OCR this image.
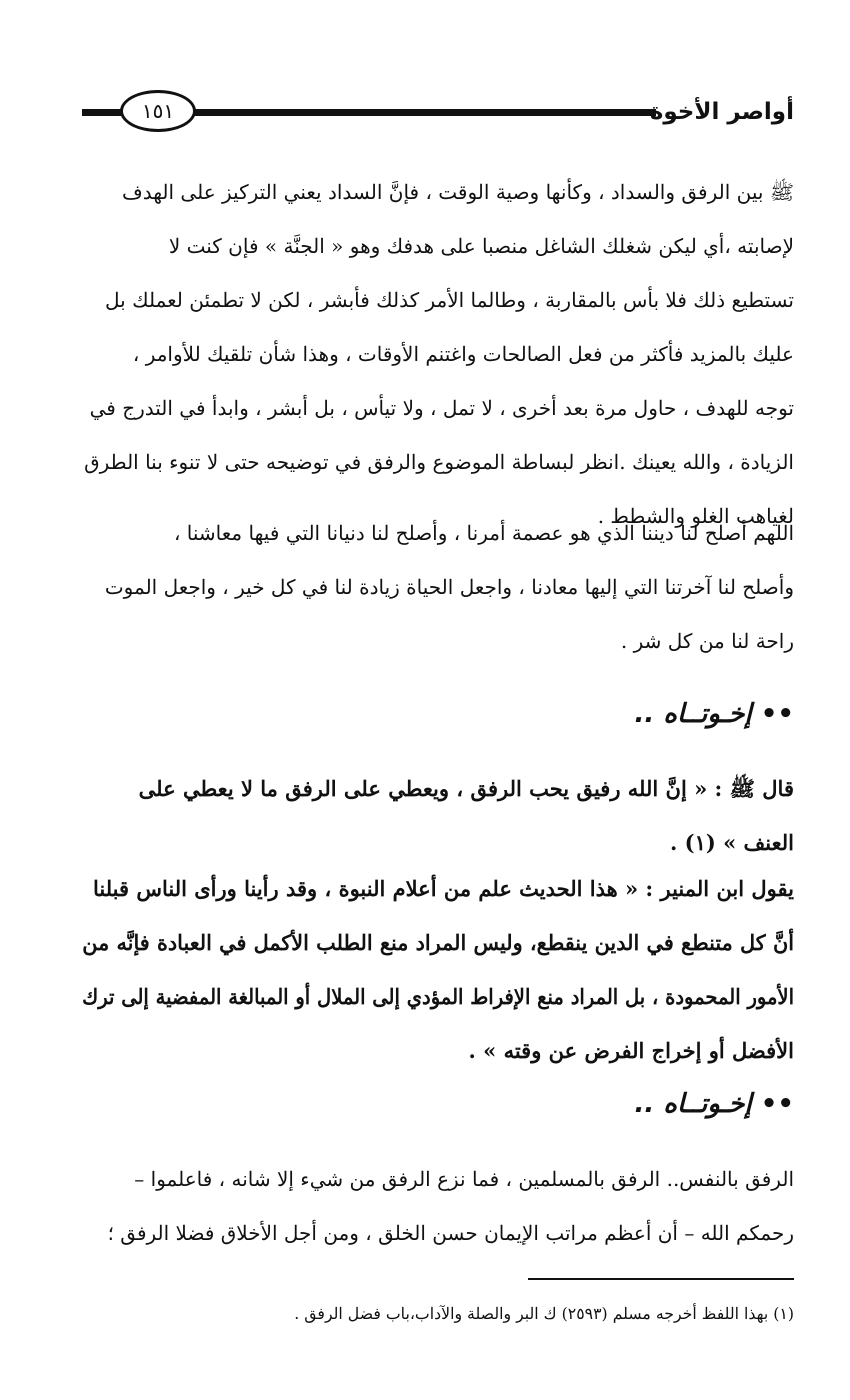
١٥١	أواصر الأخوة
ﷺ بين الرفق والسداد ، وكأنها وصية الوقت ، فإنَّ السداد يعني التركيز على الهدف
لإصابته ،أي ليكن شغلك الشاغل منصبا على هدفك وهو « الجنَّة » فإن كنت لا
تستطيع ذلك فلا بأس بالمقاربة ، وطالما الأمر كذلك فأبشر ، لكن لا تطمئن لعملك بل
عليك بالمزيد فأكثر من فعل الصالحات واغتنم الأوقات ، وهذا شأن تلقيك للأوامر ،
توجه للهدف ، حاول مرة بعد أخرى ، لا تمل ، ولا تيأس ، بل أبشر ، وابدأ في التدرج في
الزيادة ، والله يعينك .انظر لبساطة الموضوع والرفق في توضيحه حتى لا تنوء بنا الطرق
لغياهب الغلو والشطط .
اللهم أصلح لنا ديننا الذي هو عصمة أمرنا ، وأصلح لنا دنيانا التي فيها معاشنا ،
وأصلح لنا آخرتنا التي إليها معادنا ، واجعل الحياة زيادة لنا في كل خير ، واجعل الموت
راحة لنا من كل شر .
•• إخـوتــاه ..
قال ﷺ : « إنَّ الله رفيق يحب الرفق ، ويعطي على الرفق ما لا يعطي على
العنف » (١) .
يقول ابن المنير : « هذا الحديث علم من أعلام النبوة ، وقد رأينا ورأى الناس قبلنا
أنَّ كل متنطع في الدين ينقطع، وليس المراد منع الطلب الأكمل في العبادة فإنَّه من
الأمور المحمودة ، بل المراد منع الإفراط المؤدي إلى الملال أو المبالغة المفضية إلى ترك
الأفضل أو إخراج الفرض عن وقته » .
•• إخـوتــاه ..
الرفق بالنفس.. الرفق بالمسلمين ، فما نزع الرفق من شيء إلا شانه ، فاعلموا –
رحمكم الله – أن أعظم مراتب الإيمان حسن الخلق ، ومن أجل الأخلاق فضلا الرفق ؛
(١) بهذا اللفظ أخرجه مسلم (٢٥٩٣) ك البر والصلة والآداب،باب فضل الرفق .
